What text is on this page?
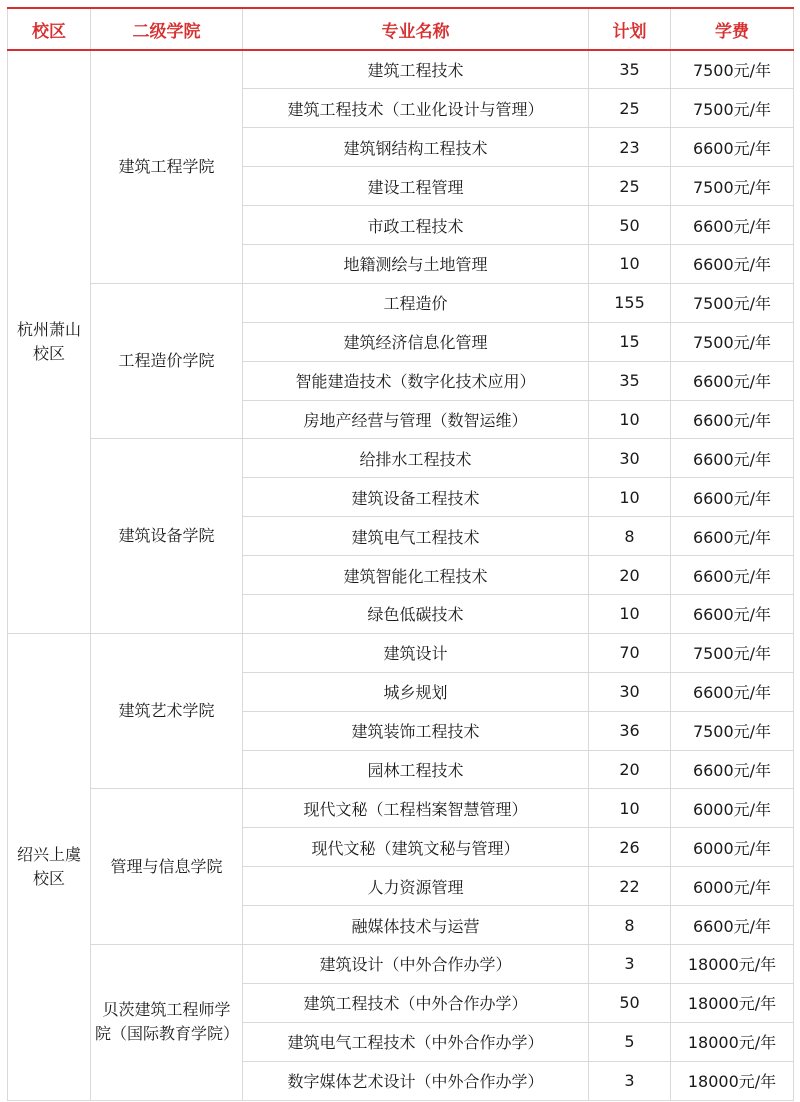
校区	二级学院	专业名称	计划	学费
杭州萧山校区	建筑工程学院	建筑工程技术	35	7500元/年
		建筑工程技术（工业化设计与管理）	25	7500元/年
		建筑钢结构工程技术	23	6600元/年
		建设工程管理	25	7500元/年
		市政工程技术	50	6600元/年
		地籍测绘与土地管理	10	6600元/年
	工程造价学院	工程造价	155	7500元/年
		建筑经济信息化管理	15	7500元/年
		智能建造技术（数字化技术应用）	35	6600元/年
		房地产经营与管理（数智运维）	10	6600元/年
	建筑设备学院	给排水工程技术	30	6600元/年
		建筑设备工程技术	10	6600元/年
		建筑电气工程技术	8	6600元/年
		建筑智能化工程技术	20	6600元/年
		绿色低碳技术	10	6600元/年
绍兴上虞校区	建筑艺术学院	建筑设计	70	7500元/年
		城乡规划	30	6600元/年
		建筑装饰工程技术	36	7500元/年
		园林工程技术	20	6600元/年
	管理与信息学院	现代文秘（工程档案智慧管理）	10	6000元/年
		现代文秘（建筑文秘与管理）	26	6000元/年
		人力资源管理	22	6000元/年
		融媒体技术与运营	8	6600元/年
	贝茨建筑工程师学院（国际教育学院）	建筑设计（中外合作办学）	3	18000元/年
		建筑工程技术（中外合作办学）	50	18000元/年
		建筑电气工程技术（中外合作办学）	5	18000元/年
		数字媒体艺术设计（中外合作办学）	3	18000元/年
